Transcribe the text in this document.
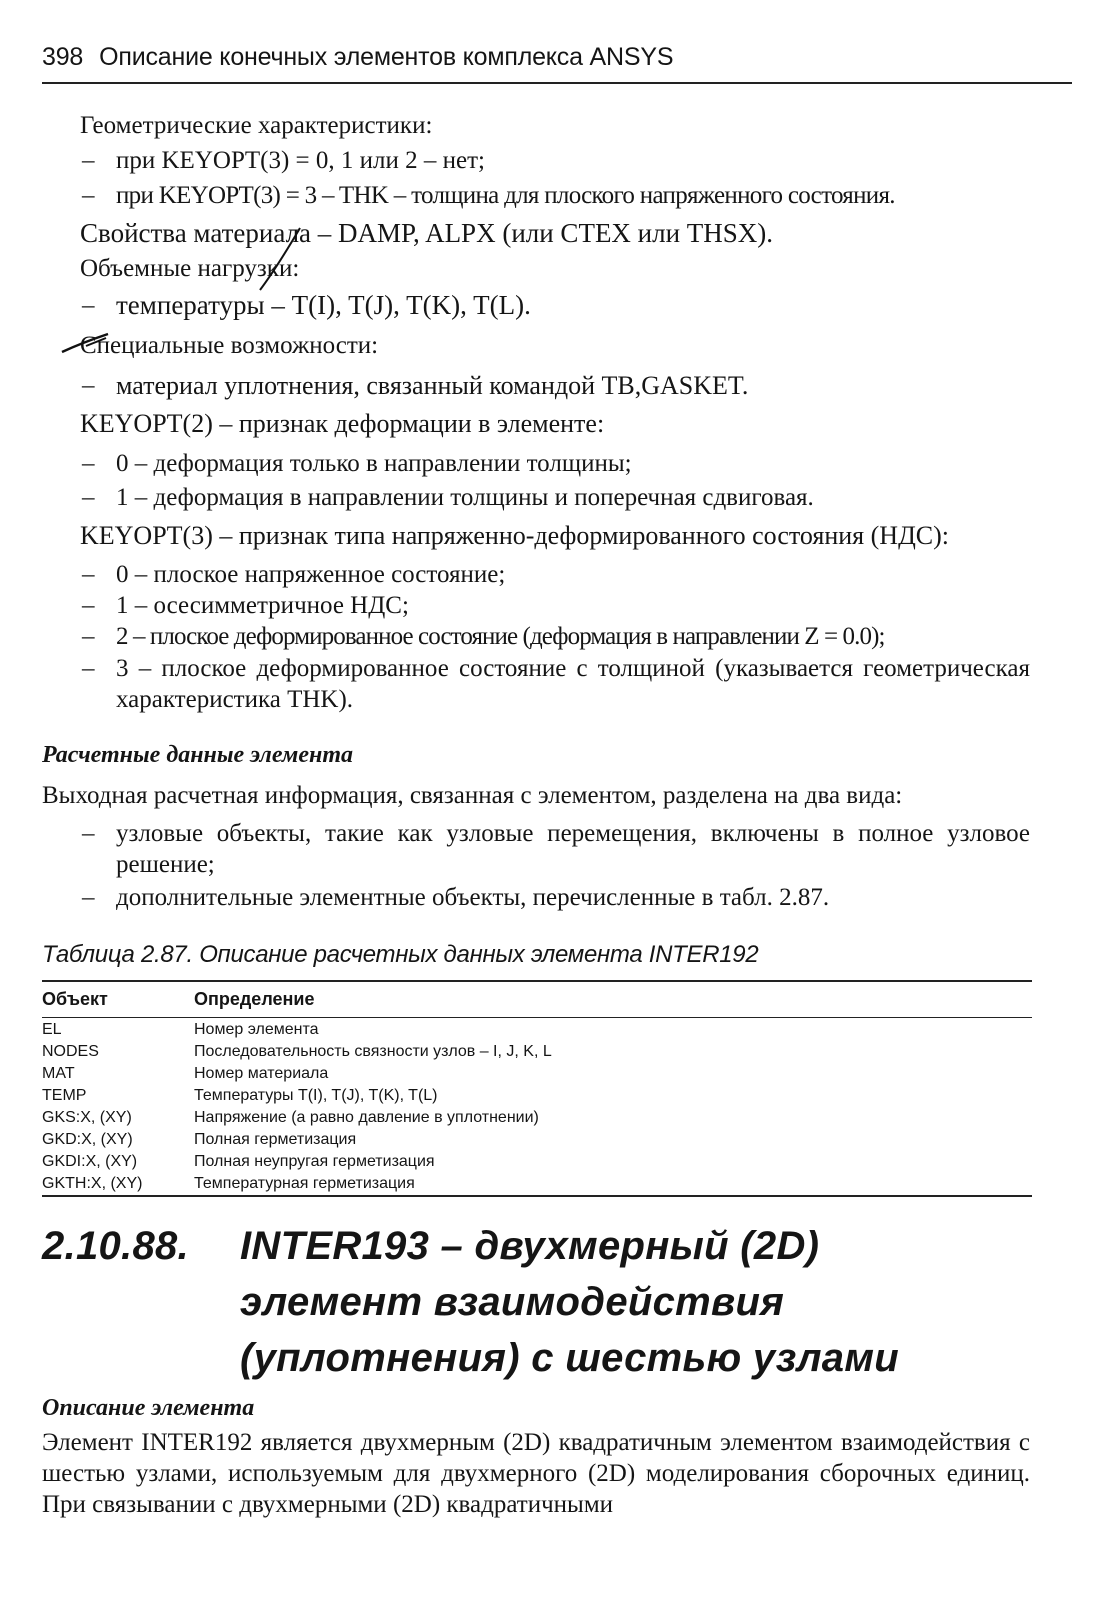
398 Описание конечных элементов комплекса ANSYS
Геометрические характеристики:
– при KEYOPT(3) = 0, 1 или 2 – нет;
– при KEYOPT(3) = 3 – THK – толщина для плоского напряженного состояния.
Свойства материала – DAMP, ALPX (или CTEX или THSX).
Объемные нагрузки:
– температуры – T(I), T(J), T(K), T(L).
Специальные возможности:
– материал уплотнения, связанный командой TB,GASKET.
KEYOPT(2) – признак деформации в элементе:
– 0 – деформация только в направлении толщины;
– 1 – деформация в направлении толщины и поперечная сдвиговая.
KEYOPT(3) – признак типа напряженно-деформированного состояния (НДС):
– 0 – плоское напряженное состояние;
– 1 – осесимметричное НДС;
– 2 – плоское деформированное состояние (деформация в направлении Z = 0.0);
– 3 – плоское деформированное состояние с толщиной (указывается геометрическая характеристика THK).
Расчетные данные элемента
Выходная расчетная информация, связанная с элементом, разделена на два вида:
– узловые объекты, такие как узловые перемещения, включены в полное узловое решение;
– дополнительные элементные объекты, перечисленные в табл. 2.87.
Таблица 2.87. Описание расчетных данных элемента INTER192
Объект	Определение
EL	Номер элемента
NODES	Последовательность связности узлов – I, J, K, L
MAT	Номер материала
TEMP	Температуры T(I), T(J), T(K), T(L)
GKS:X, (XY)	Напряжение (а равно давление в уплотнении)
GKD:X, (XY)	Полная герметизация
GKDI:X, (XY)	Полная неупругая герметизация
GKTH:X, (XY)	Температурная герметизация
2.10.88. INTER193 – двухмерный (2D)
элемент взаимодействия
(уплотнения) с шестью узлами
Описание элемента
Элемент INTER192 является двухмерным (2D) квадратичным элементом взаимодействия с шестью узлами, используемым для двухмерного (2D) моделирования сборочных единиц. При связывании с двухмерными (2D) квадратичными
